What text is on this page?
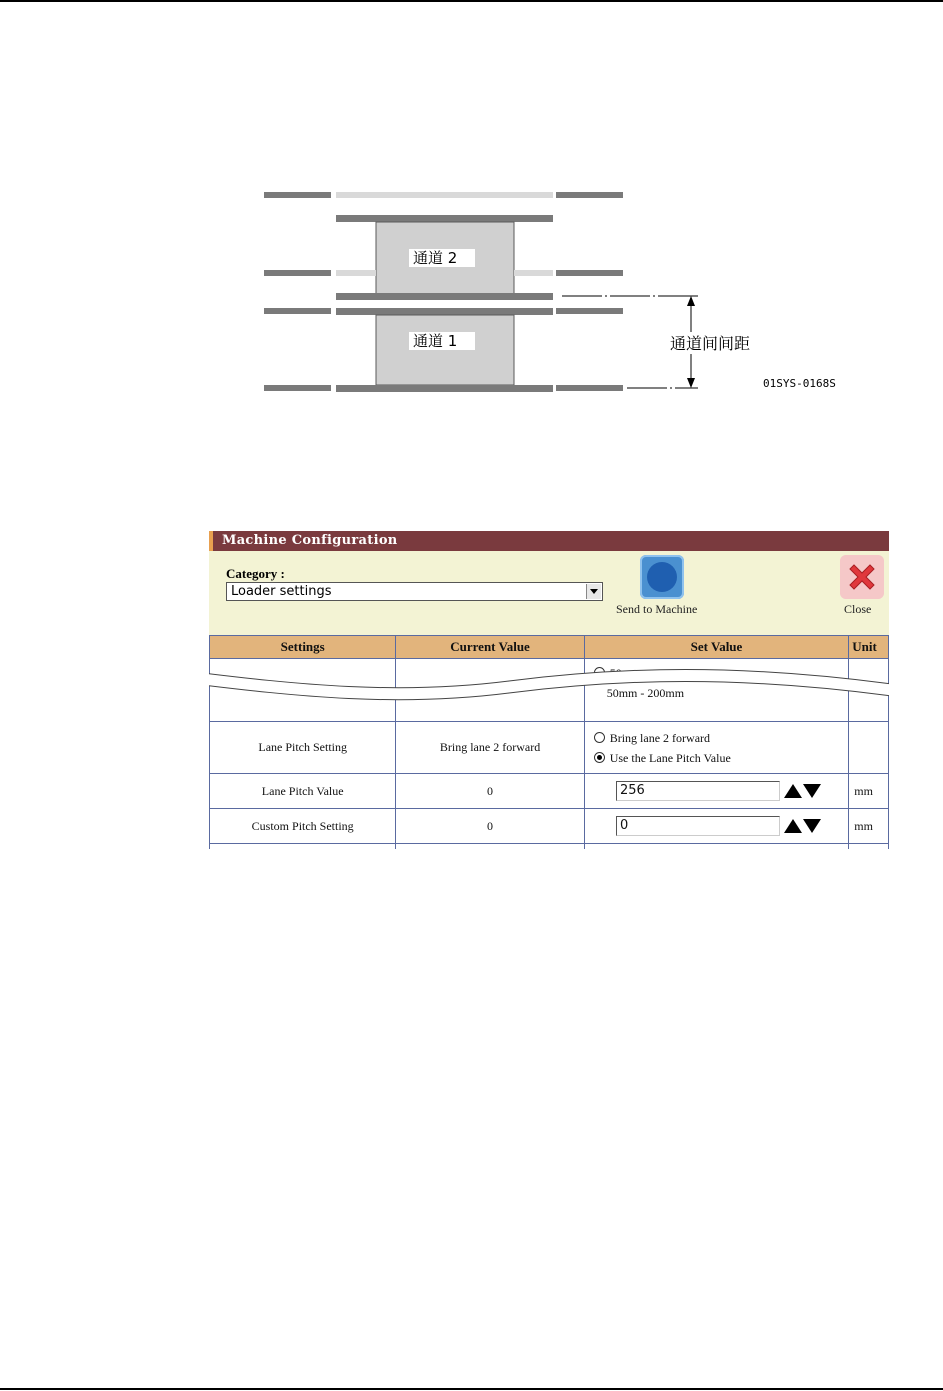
通道 2
通道 1	通道间间距
01SYS-0168S
Machine Configuration
Category :
Loader settings
Send to Machine	Close
Settings	Current Value	Set Value	Unit

		50
50mm - 200mm	

Lane Pitch Setting	Bring lane 2 forward	Bring lane 2 forward
Use the Lane Pitch Value	

Lane Pitch Value	0	256	mm
Custom Pitch Setting	0	0	mm
